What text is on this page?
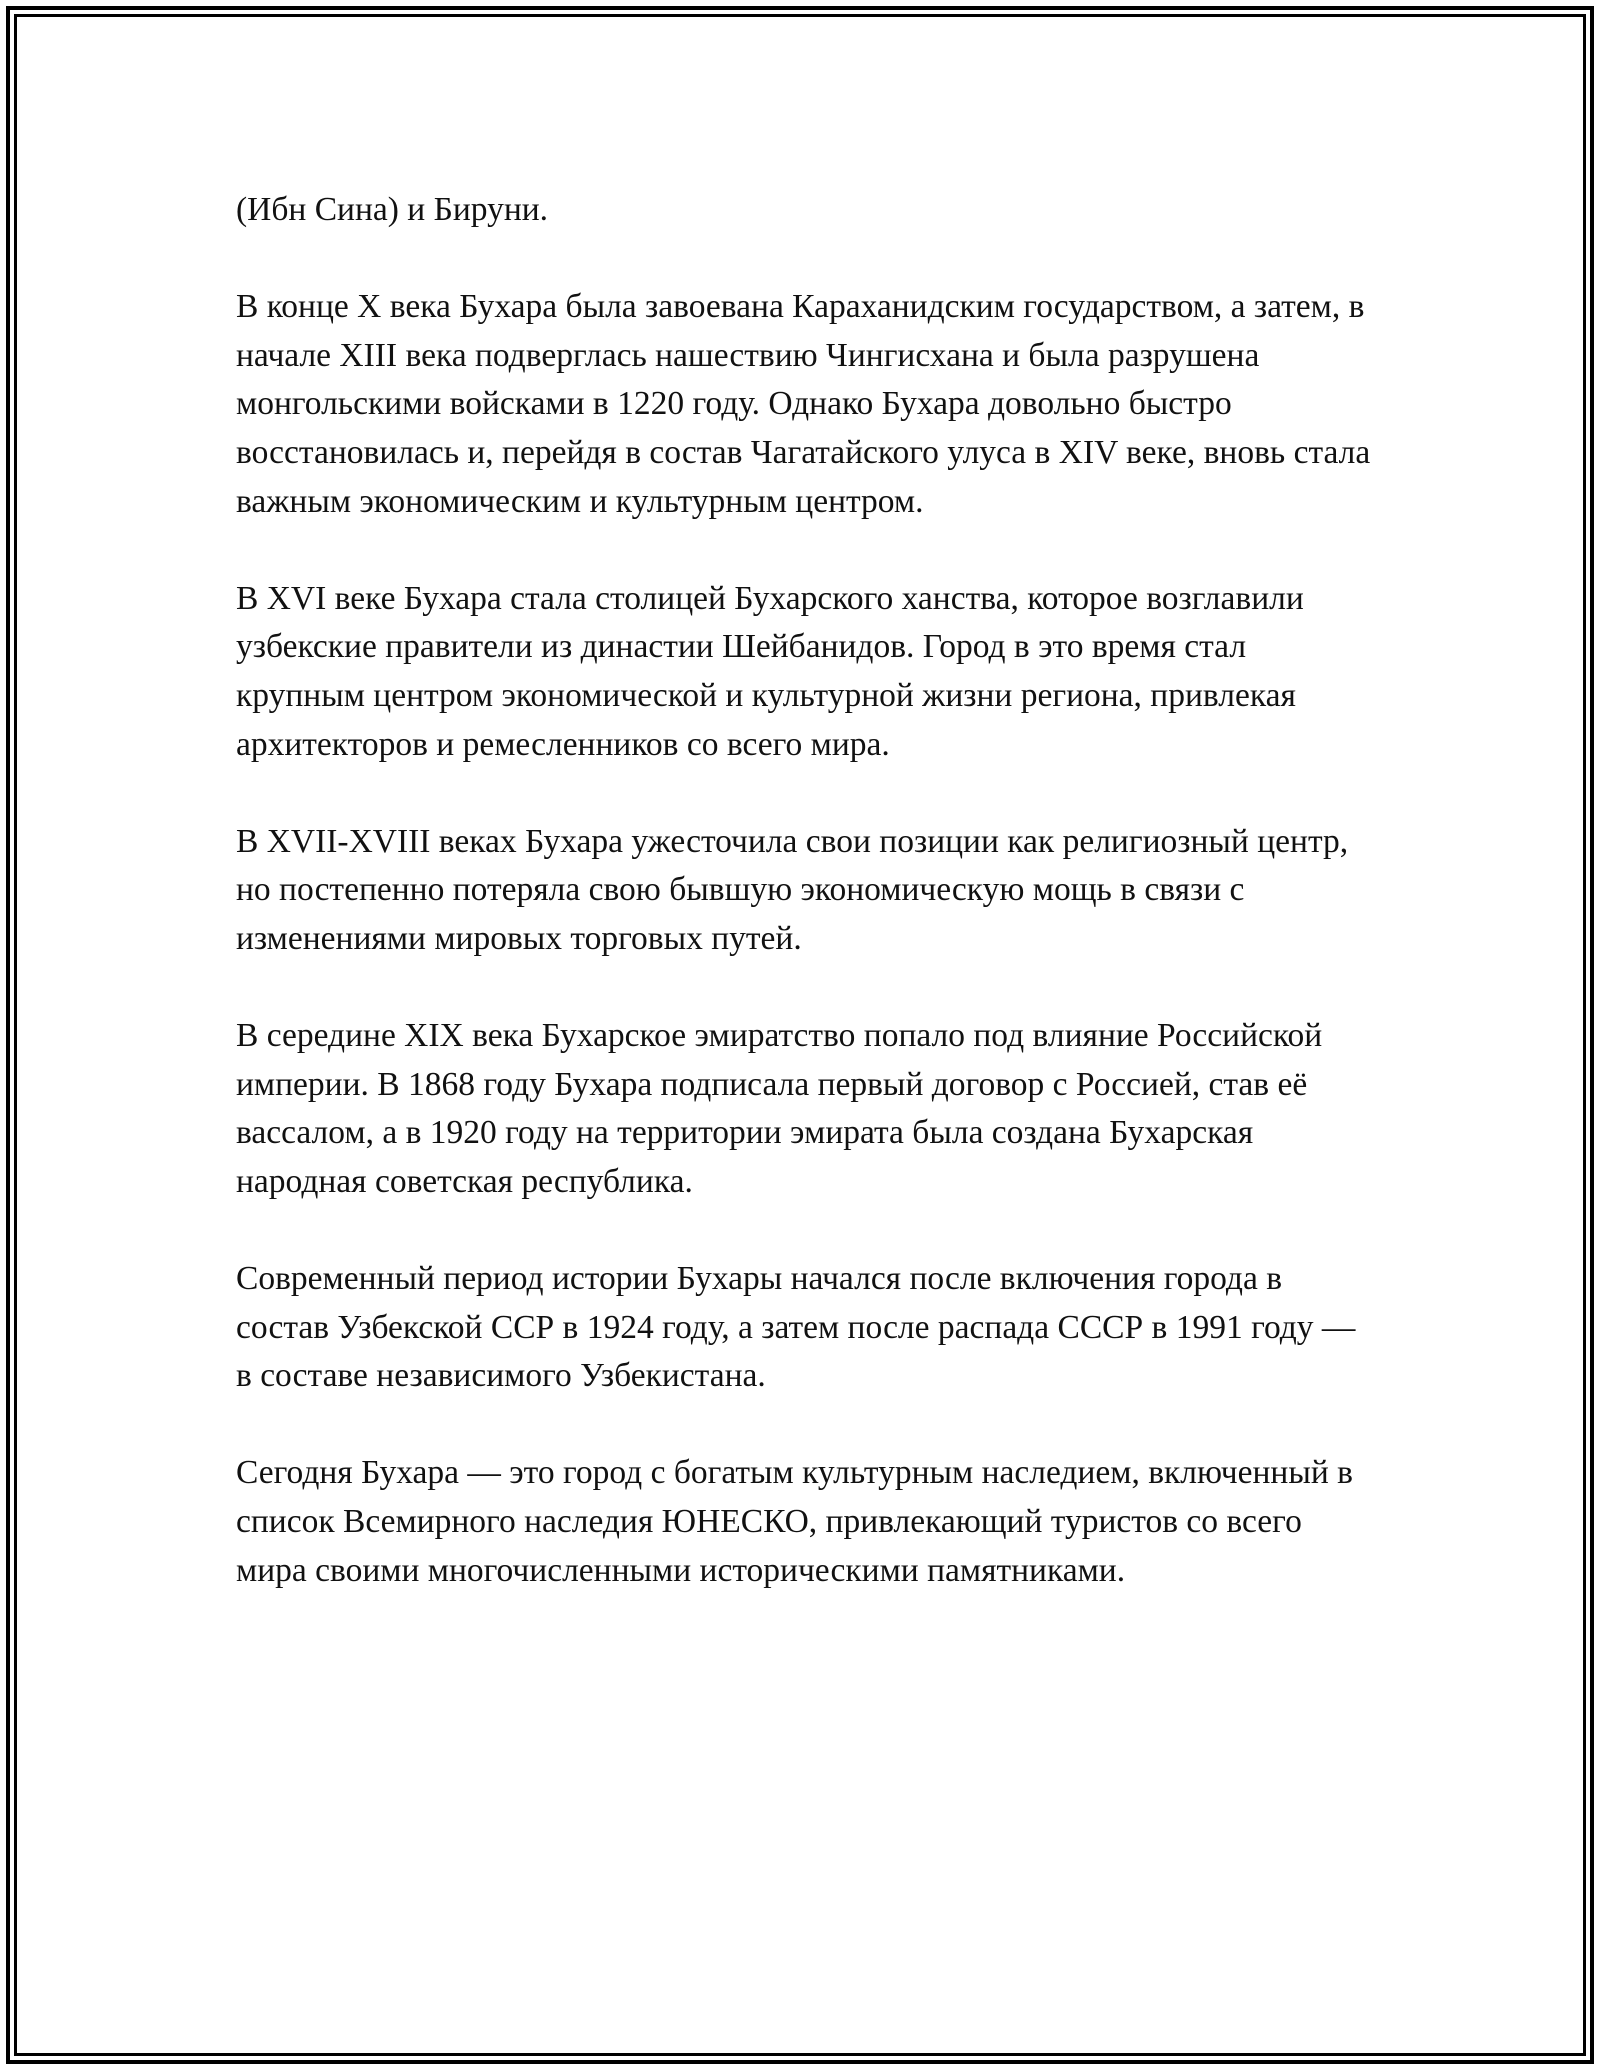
(Ибн Сина) и Бируни.

В конце X века Бухара была завоевана Караханидским государством, а затем, в начале XIII века подверглась нашествию Чингисхана и была разрушена монгольскими войсками в 1220 году. Однако Бухара довольно быстро восстановилась и, перейдя в состав Чагатайского улуса в XIV веке, вновь стала важным экономическим и культурным центром.

В XVI веке Бухара стала столицей Бухарского ханства, которое возглавили узбекские правители из династии Шейбанидов. Город в это время стал крупным центром экономической и культурной жизни региона, привлекая архитекторов и ремесленников со всего мира.

В XVII-XVIII веках Бухара ужесточила свои позиции как религиозный центр, но постепенно потеряла свою бывшую экономическую мощь в связи с изменениями мировых торговых путей.

В середине XIX века Бухарское эмиратство попало под влияние Российской империи. В 1868 году Бухара подписала первый договор с Россией, став её вассалом, а в 1920 году на территории эмирата была создана Бухарская народная советская республика.

Современный период истории Бухары начался после включения города в состав Узбекской ССР в 1924 году, а затем после распада СССР в 1991 году — в составе независимого Узбекистана.

Сегодня Бухара — это город с богатым культурным наследием, включенный в список Всемирного наследия ЮНЕСКО, привлекающий туристов со всего мира своими многочисленными историческими памятниками.
